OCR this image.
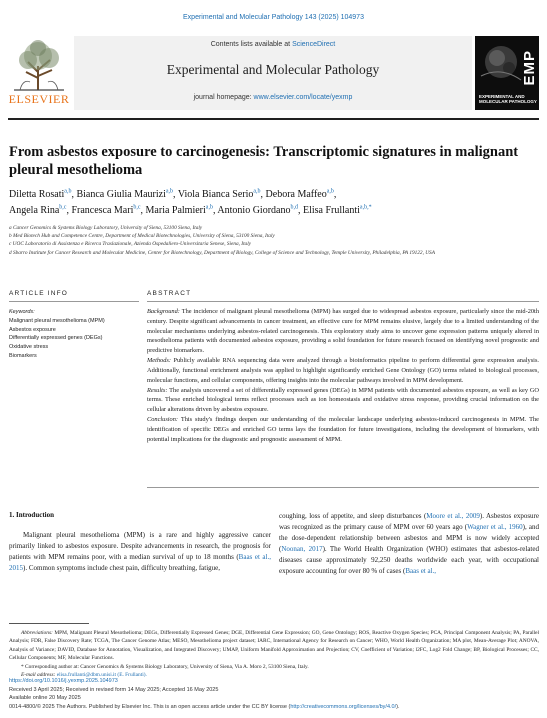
Experimental and Molecular Pathology 143 (2025) 104973
ELSEVIER
Contents lists available at ScienceDirect
Experimental and Molecular Pathology
journal homepage: www.elsevier.com/locate/yexmp
EMP
EXPERIMENTAL AND MOLECULAR PATHOLOGY
From asbestos exposure to carcinogenesis: Transcriptomic signatures in malignant pleural mesothelioma
Diletta Rosati$^{a,b}$, Bianca Giulia Maurizi$^{a,b}$, Viola Bianca Serio$^{a,b}$, Debora Maffeo$^{a,b}$,
Angela Rina$^{b,c}$, Francesca Mari$^{b,c}$, Maria Palmieri$^{a,b}$, Antonio Giordano$^{b,d}$, Elisa Frullanti$^{a,b,*}$
a Cancer Genomics & Systems Biology Laboratory, University of Siena, 53100 Siena, Italy
b Med Biotech Hub and Competence Centre, Department of Medical Biotechnologies, University of Siena, 53100 Siena, Italy
c UOC Laboratorio di Assistenza e Ricerca Traslazionale, Azienda Ospedaliero-Universitaria Senese, Siena, Italy
d Sbarro Institute for Cancer Research and Molecular Medicine, Center for Biotechnology, Department of Biology, College of Science and Technology, Temple University, Philadelphia, PA 19122, USA
ARTICLE INFO	ABSTRACT
Keywords:
Malignant pleural mesothelioma (MPM)
Asbestos exposure
Differentially expressed genes (DEGs)
Oxidative stress
Biomarkers

Background: The incidence of malignant pleural mesothelioma (MPM) has surged due to widespread asbestos exposure, particularly since the mid-20th century. Despite significant advancements in cancer treatment, an effective cure for MPM remains elusive, largely due to a limited understanding of the molecular mechanisms underlying asbestos-related carcinogenesis. This exploratory study aims to uncover gene expression patterns uniquely altered in mesothelioma patients with documented asbestos exposure, providing a solid foundation for future research focused on identifying novel prognostic and predictive biomarkers.

Methods: Publicly available RNA sequencing data were analyzed through a bioinformatics pipeline to perform differential gene expression analysis. Additionally, functional enrichment analysis was applied to highlight significantly enriched Gene Ontology (GO) terms related to biological processes, molecular functions, and cellular components, offering insights into the molecular pathways involved in MPM development.

Results: The analysis uncovered a set of differentially expressed genes (DEGs) in MPM patients with documented asbestos exposure, as well as key GO terms. These enriched biological terms reflect processes such as ion homeostasis and oxidative stress response, providing crucial information on the cellular alterations driven by asbestos exposure.

Conclusion: This study's findings deepen our understanding of the molecular landscape underlying asbestos-induced carcinogenesis in MPM. The identification of specific DEGs and enriched GO terms lays the foundation for future investigations, including the development of biomarkers, with potential implications for the diagnostic and prognostic assessment of MPM.

1. Introduction
Malignant pleural mesothelioma (MPM) is a rare and highly aggressive cancer primarily linked to asbestos exposure. Despite advancements in research, the prognosis for patients with MPM remains poor, with a median survival of up to 18 months (Baas et al., 2015). Common symptoms include chest pain, difficulty breathing, fatigue,
coughing, loss of appetite, and sleep disturbances (Moore et al., 2009). Asbestos exposure was recognized as the primary cause of MPM over 60 years ago (Wagner et al., 1960), and the dose-dependent relationship between asbestos and MPM is now widely accepted (Noonan, 2017). The World Health Organization (WHO) estimates that asbestos-related diseases cause approximately 92,250 deaths worldwide each year, with occupational exposure accounting for over 80 % of cases (Baas et al.,
Abbreviations: MPM, Malignant Pleural Mesothelioma; DEGs, Differentially Expressed Genes; DGE, Differential Gene Expression; GO, Gene Ontology; ROS, Reactive Oxygen Species; PCA, Principal Component Analysis; PA, Parallel Analysis; FDR, False Discovery Rate; TCGA, The Cancer Genome Atlas; MESO, Mesothelioma project dataset; IARC, International Agency for Research on Cancer; WHO, World Health Organization; MA plot, Mean-Average Plot; ANOVA, Analysis of Variance; DAVID, Database for Annotation, Visualization, and Integrated Discovery; UMAP, Uniform Manifold Approximation and Projection; CV, Coefficient of Variation; l2FC, Log2 Fold Change; BP, Biological Processes; CC, Cellular Components; MF, Molecular Functions.
* Corresponding author at: Cancer Genomics & Systems Biology Laboratory, University of Siena, Via A. Moro 2, 53100 Siena, Italy.
E-mail address: elisa.frullanti@dbm.unisi.it (E. Frullanti).
https://doi.org/10.1016/j.yexmp.2025.104973
Received 3 April 2025; Received in revised form 14 May 2025; Accepted 16 May 2025
Available online 20 May 2025
0014-4800/© 2025 The Authors. Published by Elsevier Inc. This is an open access article under the CC BY license (http://creativecommons.org/licenses/by/4.0/).
